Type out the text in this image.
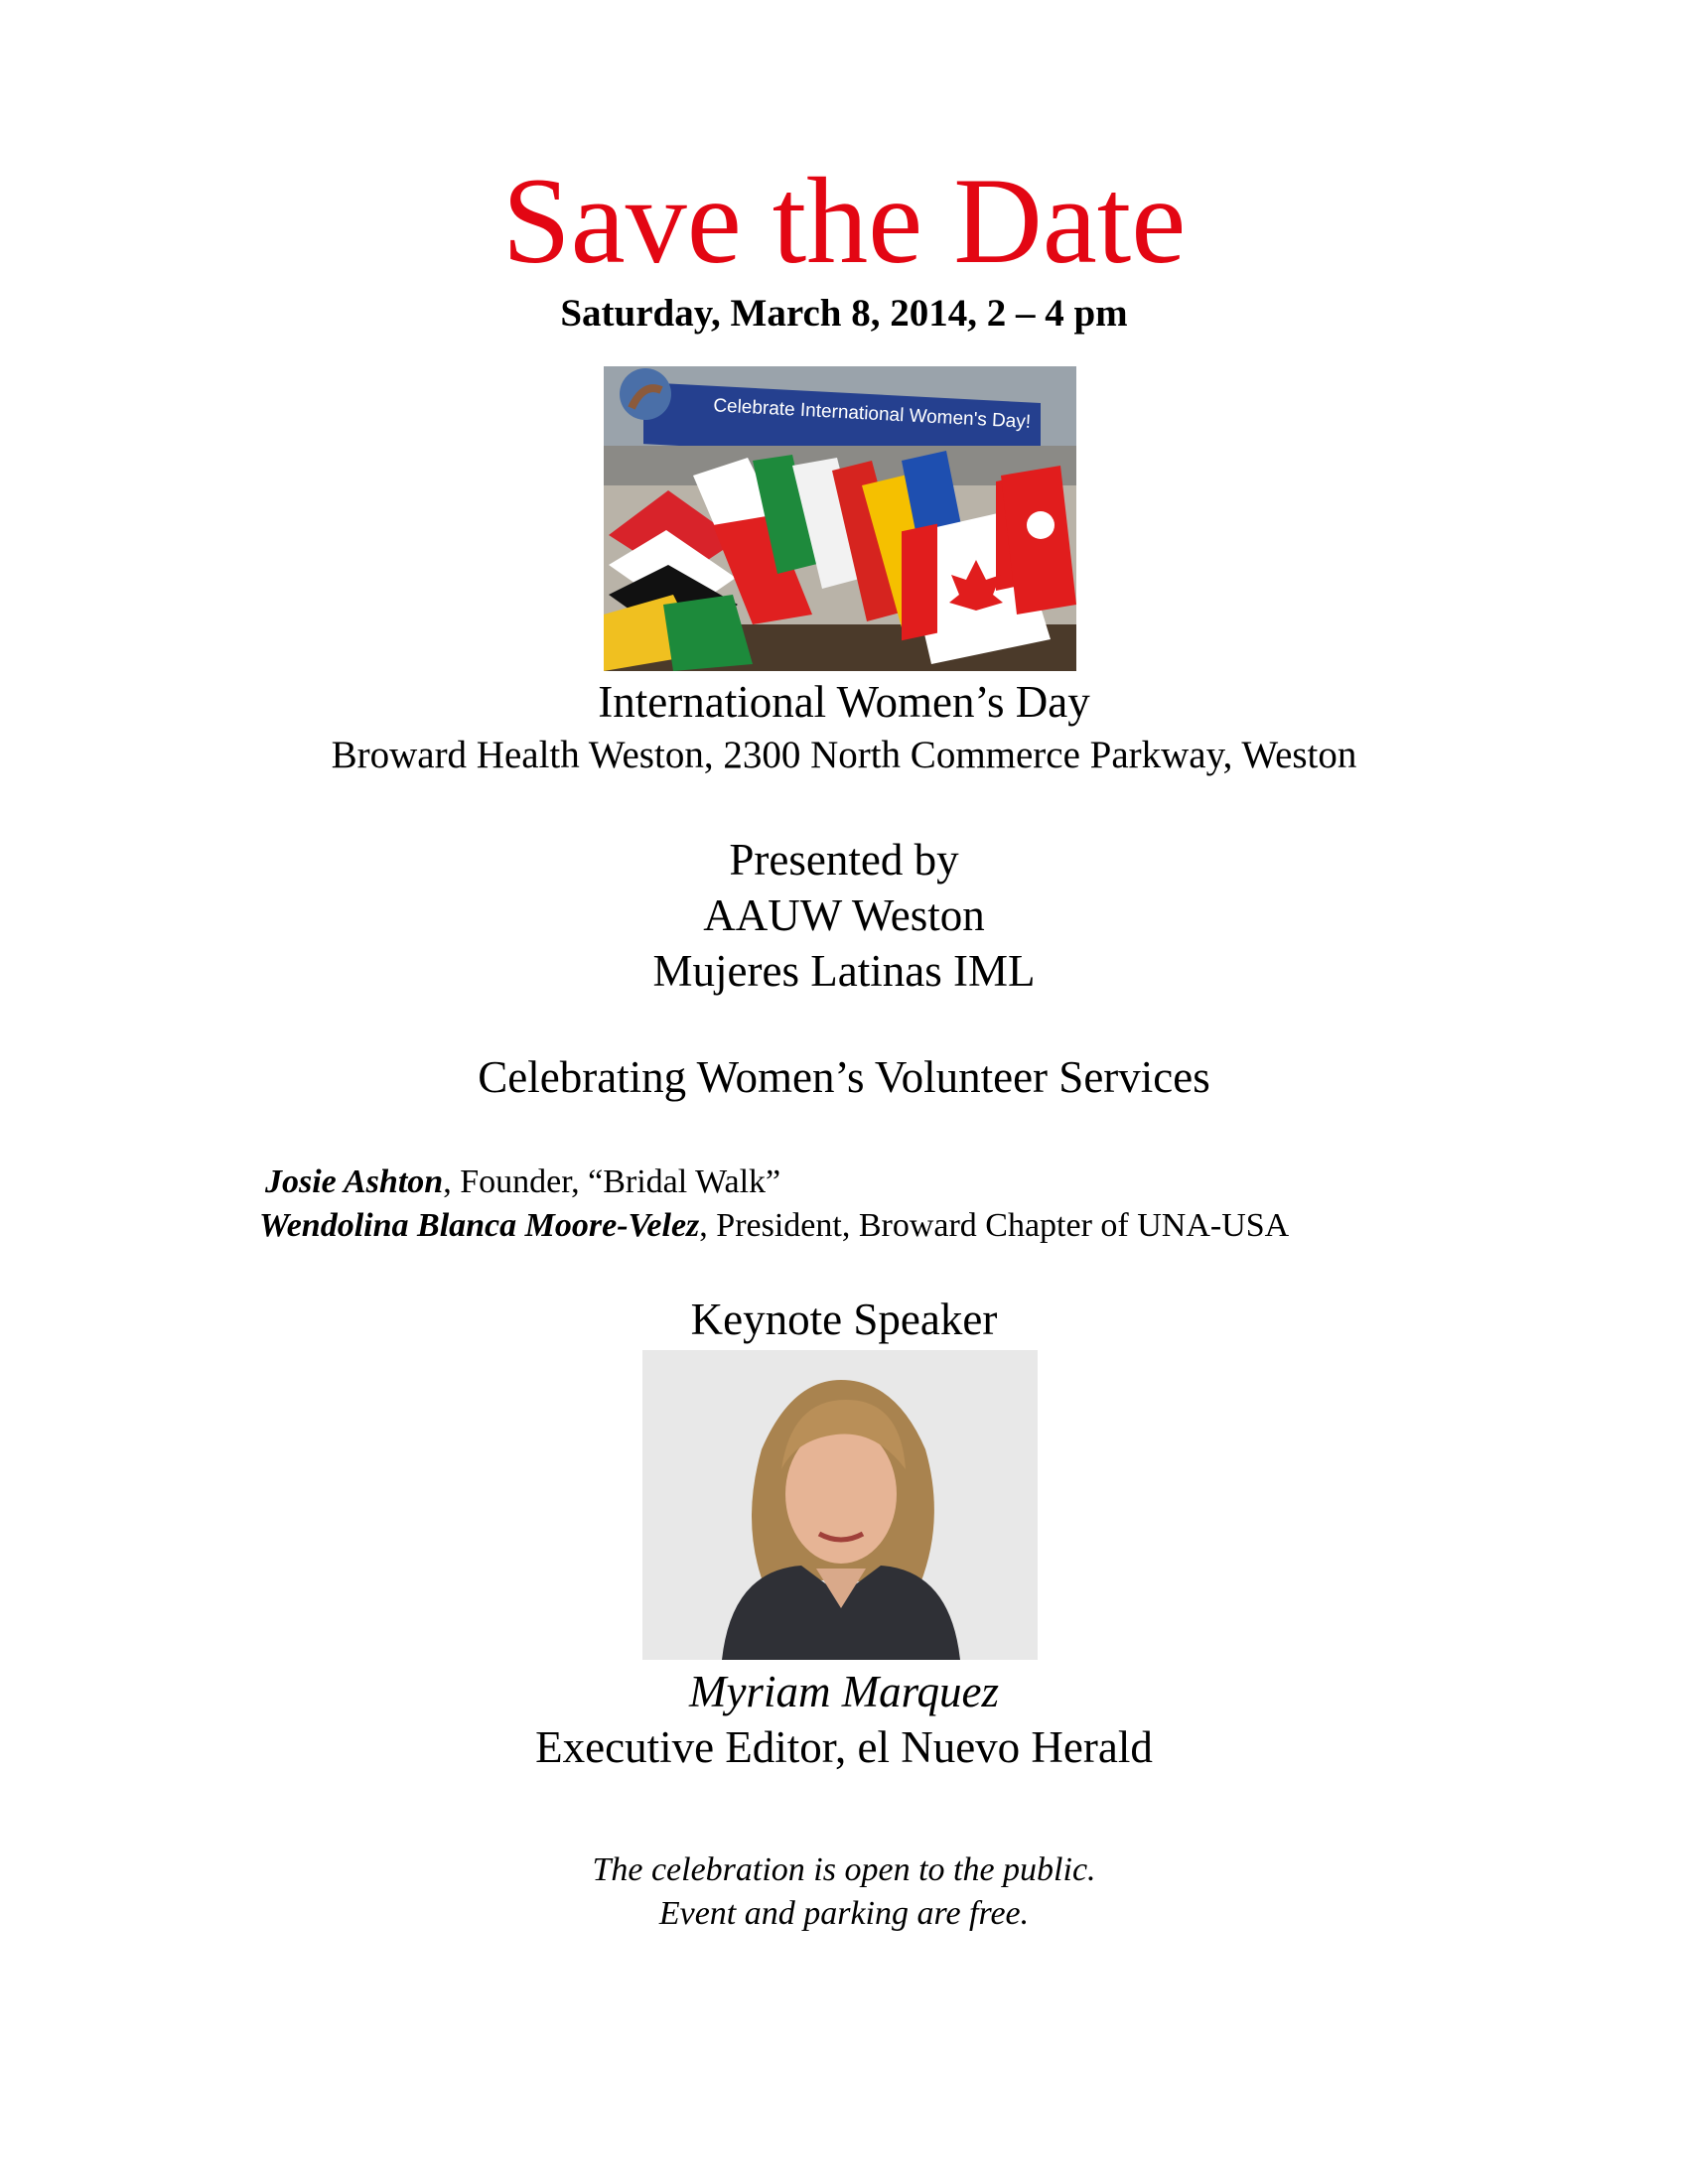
Save the Date
Saturday, March 8, 2014, 2 – 4 pm
Celebrate International Women's Day!
International Women’s Day
Broward Health Weston, 2300 North Commerce Parkway, Weston
Presented by
AAUW Weston
Mujeres Latinas IML
Celebrating Women’s Volunteer Services
Josie Ashton, Founder, “Bridal Walk”
Wendolina Blanca Moore-Velez, President, Broward Chapter of UNA-USA
Keynote Speaker
Myriam Marquez
Executive Editor, el Nuevo Herald
The celebration is open to the public.
Event and parking are free.
